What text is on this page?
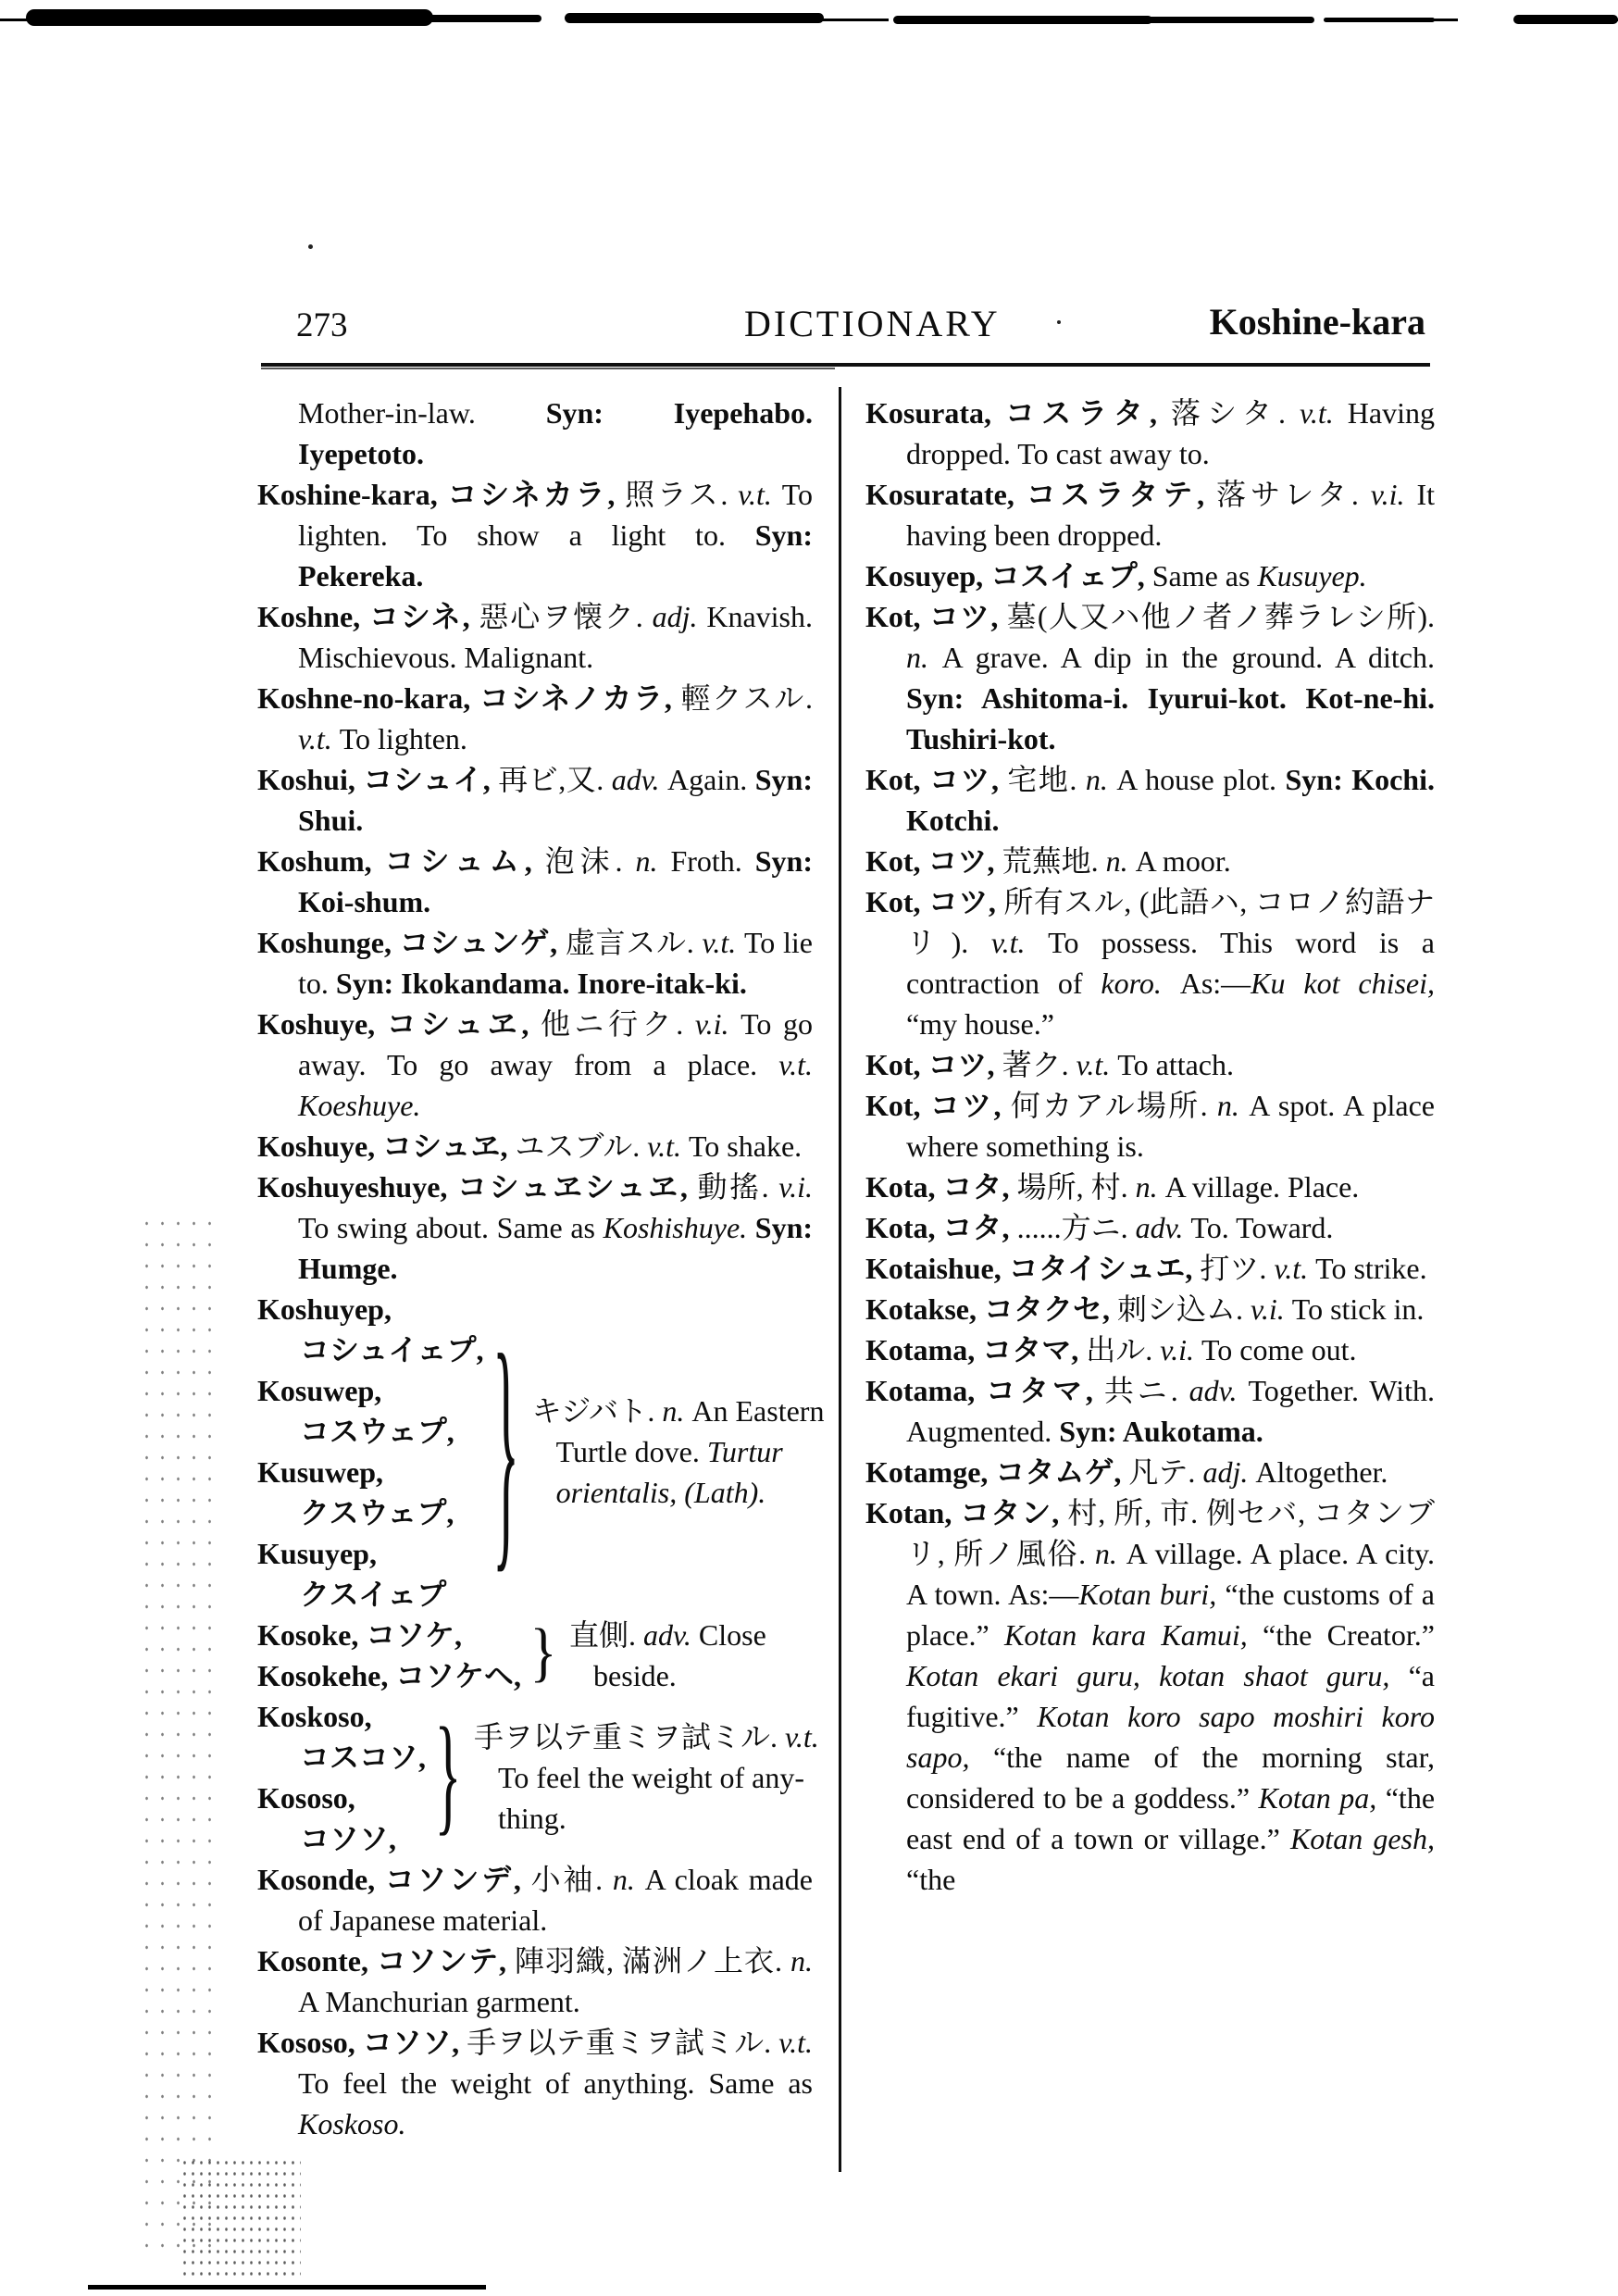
273	DICTIONARY	Koshine-kara

Mother-in-law. Syn: Iyepehabo. Iyepetoto.

Koshine-kara, コシネカラ, 照ラス. v.t. To lighten. To show a light to. Syn: Pekereka.

Koshne, コシネ, 惡心ヲ懐ク. adj. Knavish. Mischievous. Malignant.

Koshne-no-kara, コシネノカラ, 輕クスル. v.t. To lighten.

Koshui, コシュイ, 再ビ,又. adv. Again. Syn: Shui.

Koshum, コシュム, 泡沫. n. Froth. Syn: Koi-shum.

Koshunge, コシュンゲ, 虚言スル. v.t. To lie to. Syn: Ikokandama. Inore-itak-ki.

Koshuye, コシュヱ, 他ニ行ク. v.i. To go away. To go away from a place. v.t. Koeshuye.

Koshuye, コシュヱ, ユスブル. v.t. To shake.

Koshuyeshuye, コシュヱシュヱ, 動搖. v.i. To swing about. Same as Koshishuye. Syn: Humge.

Koshuyep,
コシュイェプ,
Kosuwep,
コスウェプ,
Kusuwep,
クスウェプ,
Kusuyep,
クスイェプ
} キジバト. n. An Eastern
Turtle dove. Turtur
orientalis, (Lath).
Kosoke, コソケ,
Kosokehe, コソケヘ, } 直側. adv. Close
beside.
Koskoso,
コスコソ,
Kososo,
コソソ, } 手ヲ以テ重ミヲ試ミル. v.t.
To feel the weight of any-
thing.

Kosonde, コソンデ, 小袖. n. A cloak made of Japanese material.

Kosonte, コソンテ, 陣羽織, 滿洲ノ上衣. n. A Manchurian garment.

Kososo, コソソ, 手ヲ以テ重ミヲ試ミル. v.t. To feel the weight of anything. Same as Koskoso.

Kosurata, コスラタ, 落シタ. v.t. Having dropped. To cast away to.

Kosuratate, コスラタテ, 落サレタ. v.i. It having been dropped.

Kosuyep, コスイェプ, Same as Kusuyep.

Kot, コツ, 墓(人又ハ他ノ者ノ葬ラレシ所). n. A grave. A dip in the ground. A ditch. Syn: Ashitoma-i. Iyurui-kot. Kot-ne-hi. Tushiri-kot.

Kot, コツ, 宅地. n. A house plot. Syn: Kochi. Kotchi.

Kot, コツ, 荒蕪地. n. A moor.

Kot, コツ, 所有スル, (此語ハ, コロノ約語ナリ). v.t. To possess. This word is a contraction of koro. As:—Ku kot chisei, “my house.”

Kot, コツ, 著ク. v.t. To attach.

Kot, コツ, 何カアル場所. n. A spot. A place where something is.

Kota, コタ, 場所, 村. n. A village. Place.

Kota, コタ, ......方ニ. adv. To. Toward.

Kotaishue, コタイシュエ, 打ツ. v.t. To strike.

Kotakse, コタクセ, 刺シ込ム. v.i. To stick in.

Kotama, コタマ, 出ル. v.i. To come out.

Kotama, コタマ, 共ニ. adv. Together. With. Augmented. Syn: Aukotama.

Kotamge, コタムゲ, 凡テ. adj. Altogether.

Kotan, コタン, 村, 所, 市. 例セバ, コタンブリ, 所ノ風俗. n. A village. A place. A city. A town. As:—Kotan buri, “the customs of a place.” Kotan kara Kamui, “the Creator.” Kotan ekari guru, kotan shaot guru, “a fugitive.” Kotan koro sapo moshiri koro sapo, “the name of the morning star, considered to be a goddess.” Kotan pa, “the east end of a town or village.” Kotan gesh, “the
